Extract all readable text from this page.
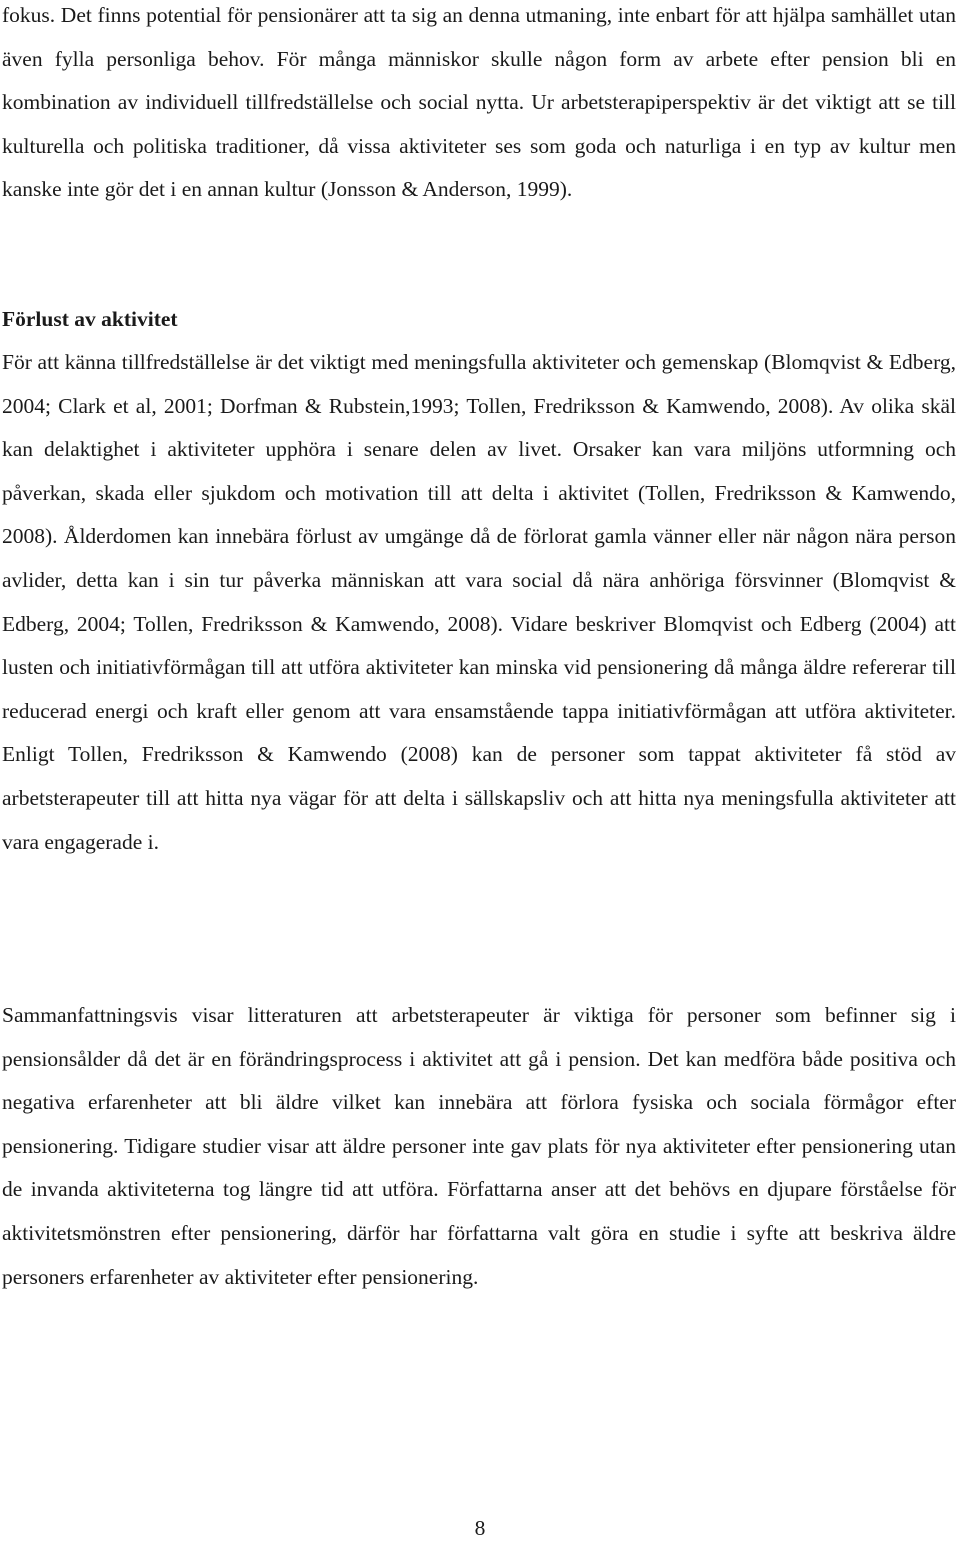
fokus. Det finns potential för pensionärer att ta sig an denna utmaning, inte enbart för att hjälpa samhället utan även fylla personliga behov. För många människor skulle någon form av arbete efter pension bli en kombination av individuell tillfredställelse och social nytta. Ur arbetsterapiperspektiv är det viktigt att se till kulturella och politiska traditioner, då vissa aktiviteter ses som goda och naturliga i en typ av kultur men kanske inte gör det i en annan kultur (Jonsson & Anderson, 1999).

Förlust av aktivitet

För att känna tillfredställelse är det viktigt med meningsfulla aktiviteter och gemenskap (Blomqvist & Edberg, 2004; Clark et al, 2001; Dorfman & Rubstein,1993; Tollen, Fredriksson & Kamwendo, 2008). Av olika skäl kan delaktighet i aktiviteter upphöra i senare delen av livet. Orsaker kan vara miljöns utformning och påverkan, skada eller sjukdom och motivation till att delta i aktivitet (Tollen, Fredriksson & Kamwendo, 2008). Ålderdomen kan innebära förlust av umgänge då de förlorat gamla vänner eller när någon nära person avlider, detta kan i sin tur påverka människan att vara social då nära anhöriga försvinner (Blomqvist & Edberg, 2004; Tollen, Fredriksson & Kamwendo, 2008). Vidare beskriver Blomqvist och Edberg (2004) att lusten och initiativförmågan till att utföra aktiviteter kan minska vid pensionering då många äldre refererar till reducerad energi och kraft eller genom att vara ensamstående tappa initiativförmågan att utföra aktiviteter. Enligt Tollen, Fredriksson & Kamwendo (2008) kan de personer som tappat aktiviteter få stöd av arbetsterapeuter till att hitta nya vägar för att delta i sällskapsliv och att hitta nya meningsfulla aktiviteter att vara engagerade i.

Sammanfattningsvis visar litteraturen att arbetsterapeuter är viktiga för personer som befinner sig i pensionsålder då det är en förändringsprocess i aktivitet att gå i pension. Det kan medföra både positiva och negativa erfarenheter att bli äldre vilket kan innebära att förlora fysiska och sociala förmågor efter pensionering. Tidigare studier visar att äldre personer inte gav plats för nya aktiviteter efter pensionering utan de invanda aktiviteterna tog längre tid att utföra. Författarna anser att det behövs en djupare förståelse för aktivitetsmönstren efter pensionering, därför har författarna valt göra en studie i syfte att beskriva äldre personers erfarenheter av aktiviteter efter pensionering.

8
